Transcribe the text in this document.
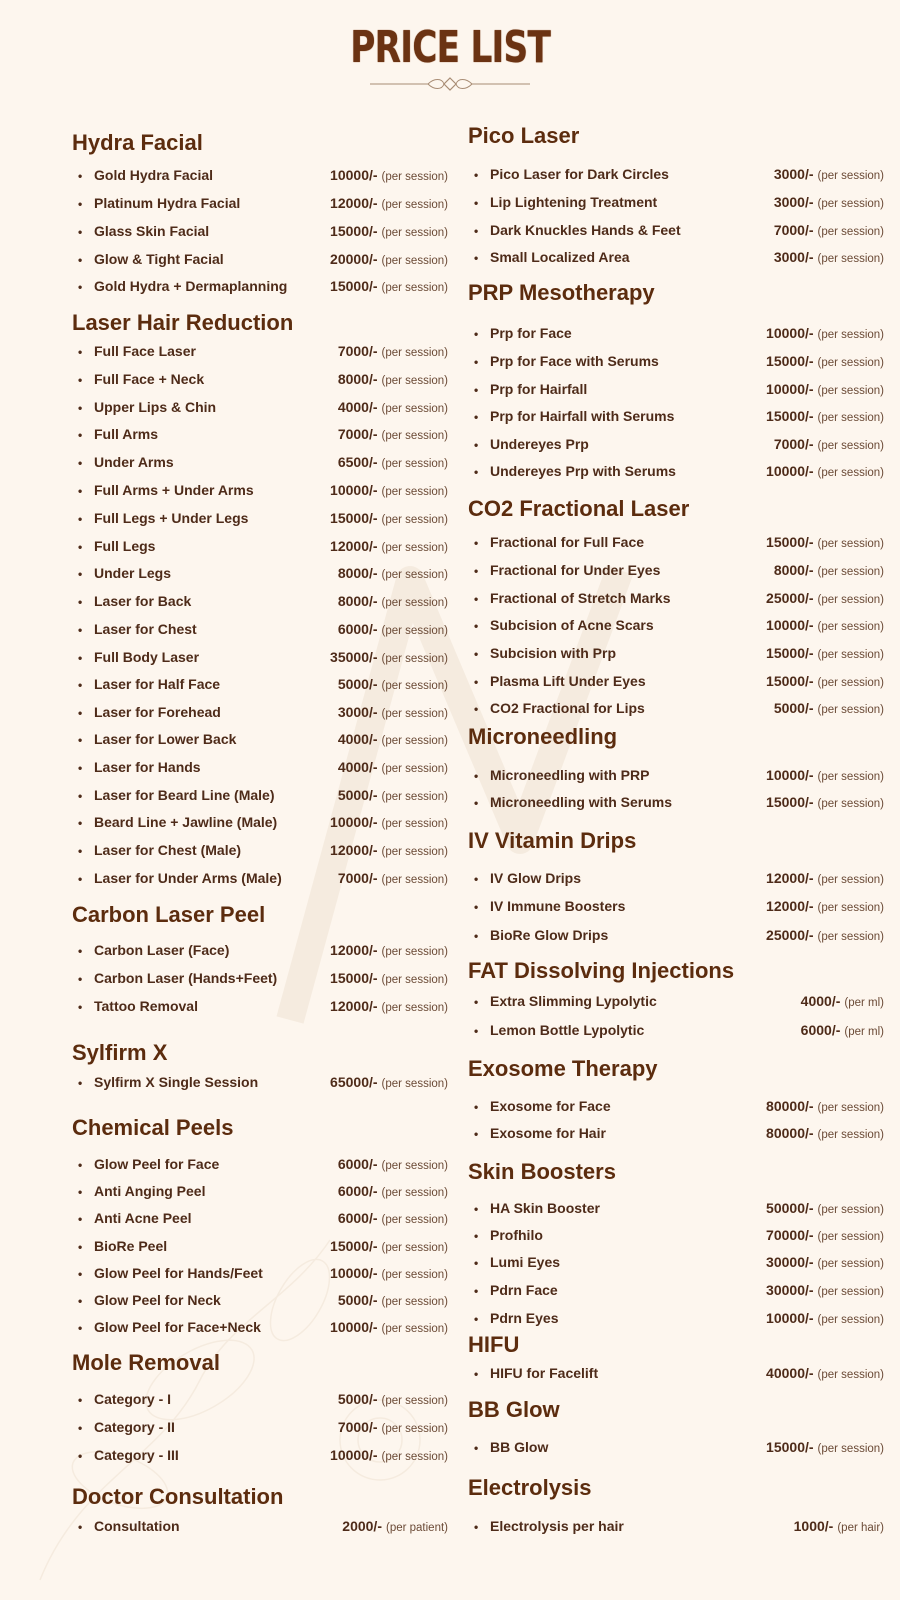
PRICE LIST
Hydra Facial
• Gold Hydra Facial	10000/- (per session)
• Platinum Hydra Facial	12000/- (per session)
• Glass Skin Facial	15000/- (per session)
• Glow & Tight Facial	20000/- (per session)
• Gold Hydra + Dermaplanning	15000/- (per session)
Laser Hair Reduction
• Full Face Laser	7000/- (per session)
• Full Face + Neck	8000/- (per session)
• Upper Lips & Chin	4000/- (per session)
• Full Arms	7000/- (per session)
• Under Arms	6500/- (per session)
• Full Arms + Under Arms	10000/- (per session)
• Full Legs + Under Legs	15000/- (per session)
• Full Legs	12000/- (per session)
• Under Legs	8000/- (per session)
• Laser for Back	8000/- (per session)
• Laser for Chest	6000/- (per session)
• Full Body Laser	35000/- (per session)
• Laser for Half Face	5000/- (per session)
• Laser for Forehead	3000/- (per session)
• Laser for Lower Back	4000/- (per session)
• Laser for Hands	4000/- (per session)
• Laser for Beard Line (Male)	5000/- (per session)
• Beard Line + Jawline (Male)	10000/- (per session)
• Laser for Chest (Male)	12000/- (per session)
• Laser for Under Arms (Male)	7000/- (per session)
Carbon Laser Peel
• Carbon Laser (Face)	12000/- (per session)
• Carbon Laser (Hands+Feet)	15000/- (per session)
• Tattoo Removal	12000/- (per session)
Sylfirm X
• Sylfirm X Single Session	65000/- (per session)
Chemical Peels
• Glow Peel for Face	6000/- (per session)
• Anti Anging Peel	6000/- (per session)
• Anti Acne Peel	6000/- (per session)
• BioRe Peel	15000/- (per session)
• Glow Peel for Hands/Feet	10000/- (per session)
• Glow Peel for Neck	5000/- (per session)
• Glow Peel for Face+Neck	10000/- (per session)
Mole Removal
• Category - I	5000/- (per session)
• Category - II	7000/- (per session)
• Category - III	10000/- (per session)
Doctor Consultation
• Consultation	2000/- (per patient)
Pico Laser
• Pico Laser for Dark Circles	3000/- (per session)
• Lip Lightening Treatment	3000/- (per session)
• Dark Knuckles Hands & Feet	7000/- (per session)
• Small Localized Area	3000/- (per session)
PRP Mesotherapy
• Prp for Face	10000/- (per session)
• Prp for Face with Serums	15000/- (per session)
• Prp for Hairfall	10000/- (per session)
• Prp for Hairfall with Serums	15000/- (per session)
• Undereyes Prp	7000/- (per session)
• Undereyes Prp with Serums	10000/- (per session)
CO2 Fractional Laser
• Fractional for Full Face	15000/- (per session)
• Fractional for Under Eyes	8000/- (per session)
• Fractional of Stretch Marks	25000/- (per session)
• Subcision of Acne Scars	10000/- (per session)
• Subcision with Prp	15000/- (per session)
• Plasma Lift Under Eyes	15000/- (per session)
• CO2 Fractional for Lips	5000/- (per session)
Microneedling
• Microneedling with PRP	10000/- (per session)
• Microneedling with Serums	15000/- (per session)
IV Vitamin Drips
• IV Glow Drips	12000/- (per session)
• IV Immune Boosters	12000/- (per session)
• BioRe Glow Drips	25000/- (per session)
FAT Dissolving Injections
• Extra Slimming Lypolytic	4000/- (per ml)
• Lemon Bottle Lypolytic	6000/- (per ml)
Exosome Therapy
• Exosome for Face	80000/- (per session)
• Exosome for Hair	80000/- (per session)
Skin Boosters
• HA Skin Booster	50000/- (per session)
• Profhilo	70000/- (per session)
• Lumi Eyes	30000/- (per session)
• Pdrn Face	30000/- (per session)
• Pdrn Eyes	10000/- (per session)
HIFU
• HIFU for Facelift	40000/- (per session)
BB Glow
• BB Glow	15000/- (per session)
Electrolysis
• Electrolysis per hair	1000/- (per hair)
